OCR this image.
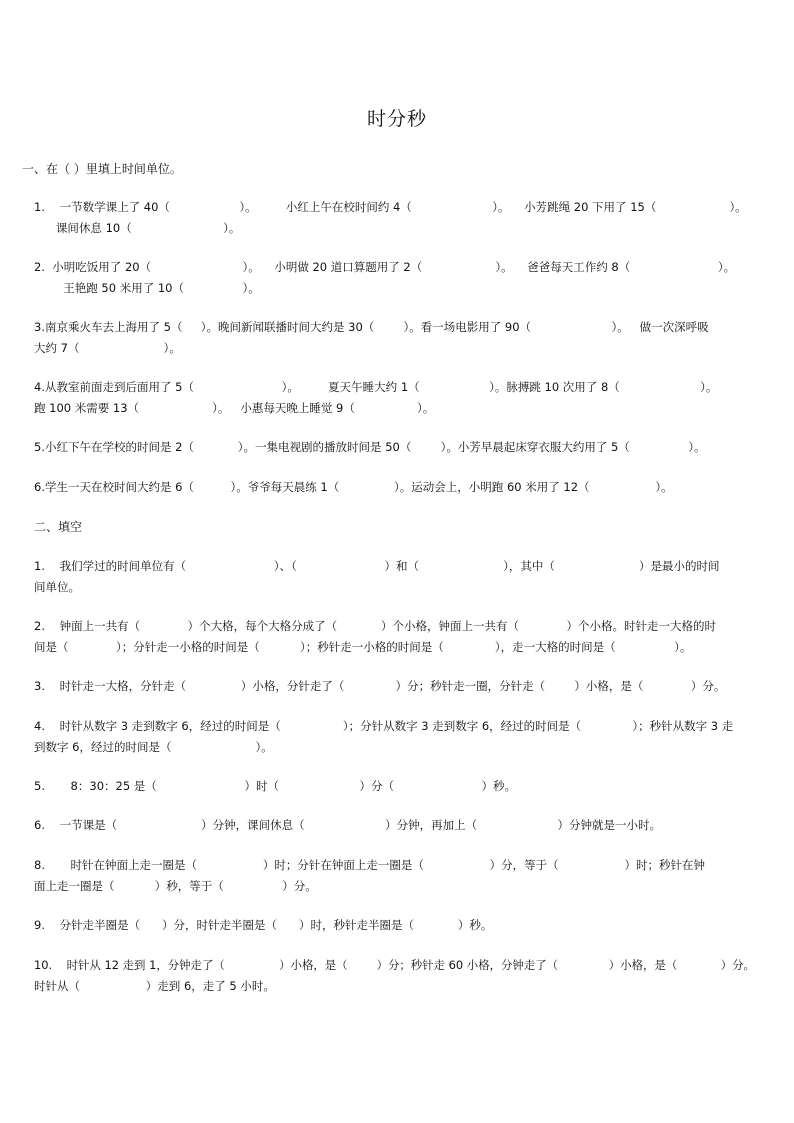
时分秒
一、在（ ）里填上时间单位。
1.    一节数学课上了 40（                   ）。        小红上午在校时间约 4（                      ）。    小芳跳绳 20 下用了 15（                    ）。
课间休息 10（                         ）。
2.  小明吃饭用了 20（                         ）。    小明做 20 道口算题用了 2（                    ）。    爸爸每天工作约 8（                        ）。
王艳跑 50 米用了 10（                ）。
3.南京乘火车去上海用了 5（     ）。晚间新闻联播时间大约是 30（        ）。看一场电影用了 90（                      ）。   做一次深呼吸
大约 7（                       ）。
4.从教室前面走到后面用了 5（                        ）。        夏天午睡大约 1（                   ）。脉搏跳 10 次用了 8（                      ）。
跑 100 米需要 13（                    ）。   小惠每天晚上睡觉 9（                 ）。
5.小红下午在学校的时间是 2（            ）。一集电视剧的播放时间是 50（        ）。小芳早晨起床穿衣服大约用了 5（                ）。
6.学生一天在校时间大约是 6（          ）。爷爷每天晨练 1（               ）。运动会上，小明跑 60 米用了 12（                  ）。
二、填空
1.    我们学过的时间单位有（                        ）、（                        ）和（                       ），其中（                       ）是最小的时间
间单位。
2.    钟面上一共有（             ）个大格，每个大格分成了（            ）个小格，钟面上一共有（             ）个小格。时针走一大格的时
间是（             ）；分针走一小格的时间是（           ）；秒针走一小格的时间是（              ），走一大格的时间是（                ）。
3.    时针走一大格，分针走（               ）小格，分针走了（              ）分；秒针走一圈，分针走（        ）小格，是（             ）分。
4.    时针从数字 3 走到数字 6，经过的时间是（                 ）；分针从数字 3 走到数字 6，经过的时间是（              ）；秒针从数字 3 走
到数字 6，经过的时间是（                       ）。
5.       8：30：25 是（                        ）时（                      ）分（                        ）秒。
6.    一节课是（                       ）分钟，课间休息（                      ）分钟，再加上（                      ）分钟就是一小时。
8.       时针在钟面上走一圈是（                  ）时；分针在钟面上走一圈是（                  ）分，等于（                  ）时；秒针在钟
面上走一圈是（           ）秒，等于（                ）分。
9.    分针走半圈是（      ）分，时针走半圈是（      ）时，秒针走半圈是（            ）秒。
10.    时针从 12 走到 1，分钟走了（               ）小格，是（        ）分；秒针走 60 小格，分钟走了（              ）小格，是（            ）分。
时针从（                  ）走到 6，走了 5 小时。
